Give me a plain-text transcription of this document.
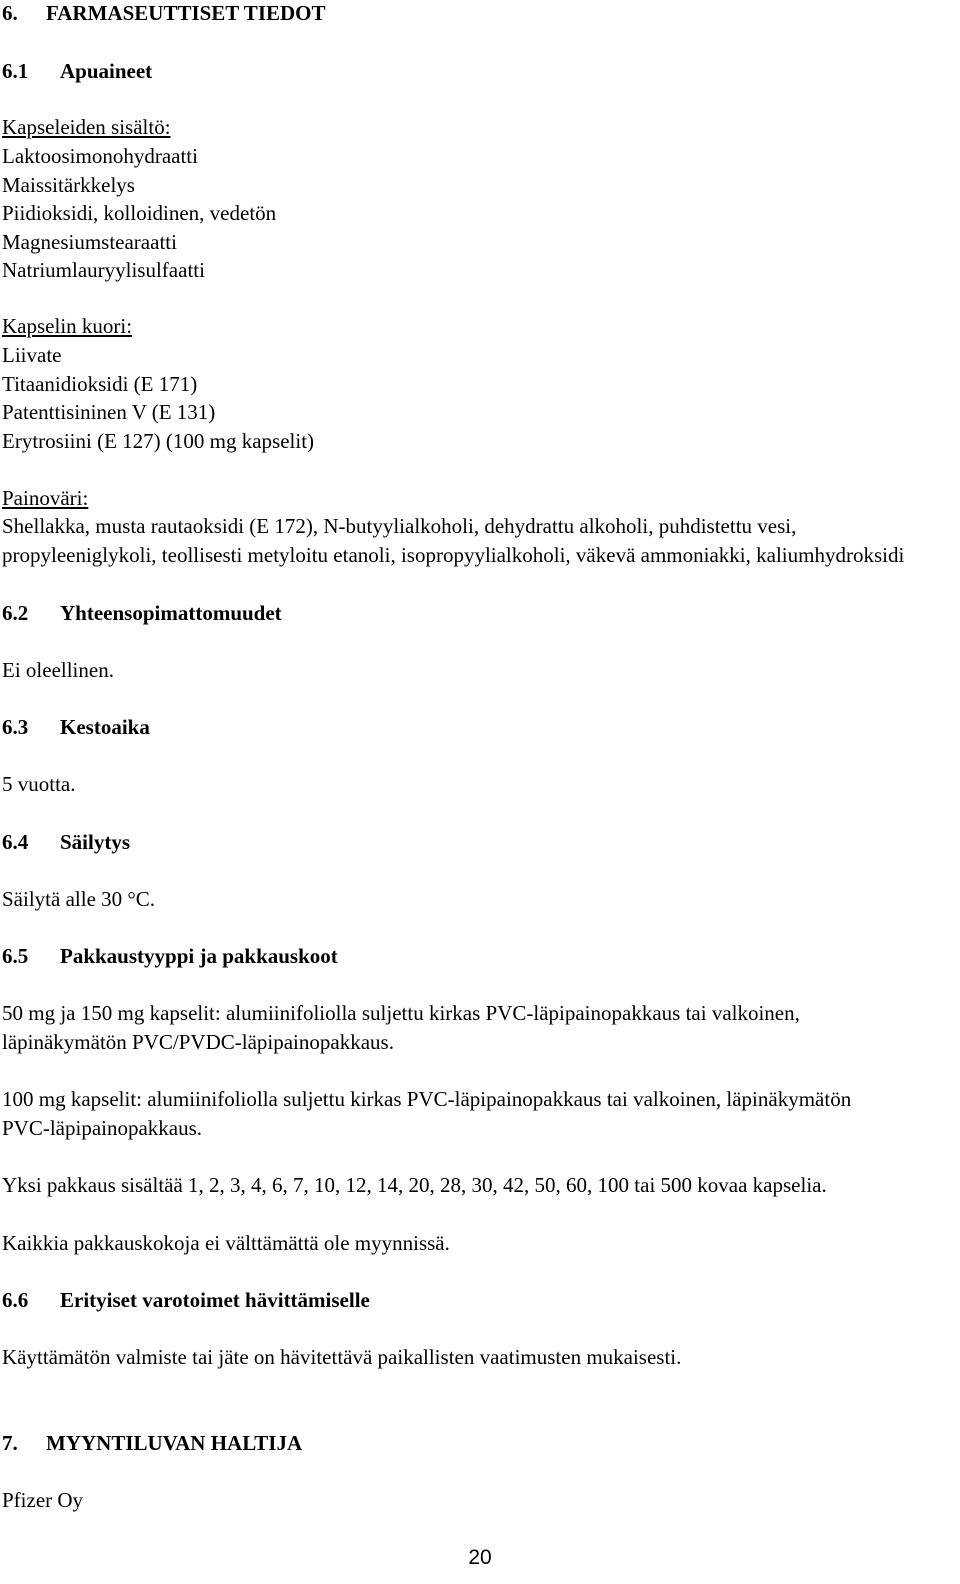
6. FARMASEUTTISET TIEDOT
6.1 Apuaineet
Kapseleiden sisältö:
Laktoosimonohydraatti
Maissitärkkelys
Piidioksidi, kolloidinen, vedetön
Magnesiumstearaatti
Natriumlauryylisulfaatti
Kapselin kuori:
Liivate
Titaanidioksidi (E 171)
Patenttisininen V (E 131)
Erytrosiini (E 127) (100 mg kapselit)
Painoväri:
Shellakka, musta rautaoksidi (E 172), N-butyylialkoholi, dehydrattu alkoholi, puhdistettu vesi,
propyleeniglykoli, teollisesti metyloitu etanoli, isopropyylialkoholi, väkevä ammoniakki, kaliumhydroksidi
6.2 Yhteensopimattomuudet
Ei oleellinen.
6.3 Kestoaika
5 vuotta.
6.4 Säilytys
Säilytä alle 30 °C.
6.5 Pakkaustyyppi ja pakkauskoot
50 mg ja 150 mg kapselit: alumiinifoliolla suljettu kirkas PVC-läpipainopakkaus tai valkoinen,
läpinäkymätön PVC/PVDC-läpipainopakkaus.
100 mg kapselit: alumiinifoliolla suljettu kirkas PVC-läpipainopakkaus tai valkoinen, läpinäkymätön
PVC-läpipainopakkaus.
Yksi pakkaus sisältää 1, 2, 3, 4, 6, 7, 10, 12, 14, 20, 28, 30, 42, 50, 60, 100 tai 500 kovaa kapselia.
Kaikkia pakkauskokoja ei välttämättä ole myynnissä.
6.6 Erityiset varotoimet hävittämiselle
Käyttämätön valmiste tai jäte on hävitettävä paikallisten vaatimusten mukaisesti.
7. MYYNTILUVAN HALTIJA
Pfizer Oy
20
